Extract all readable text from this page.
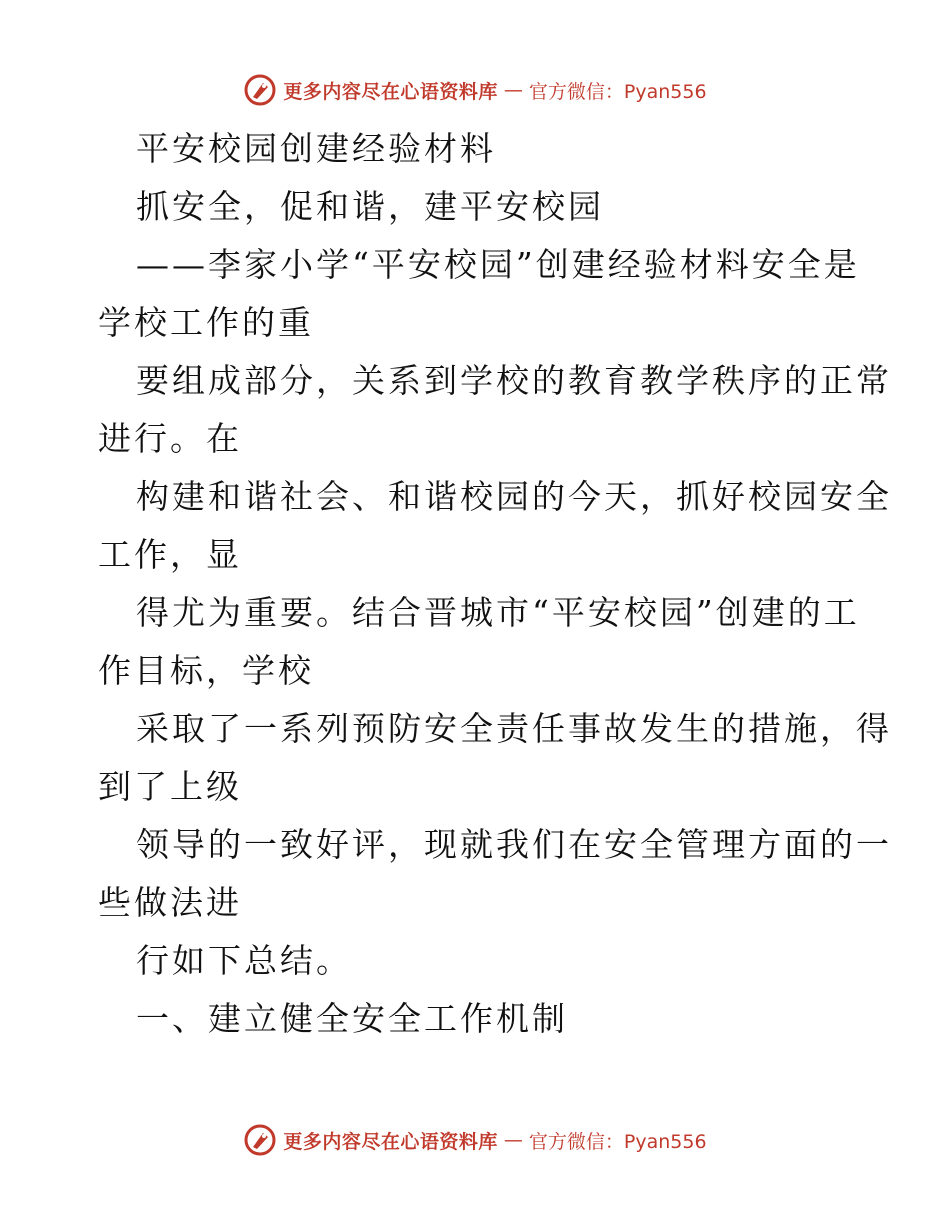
更多内容尽在心语资料库 — 官方微信：Pyan556
平安校园创建经验材料
抓安全，促和谐，建平安校园
——李家小学“平安校园”创建经验材料安全是
学校工作的重
要组成部分，关系到学校的教育教学秩序的正常
进行。在
构建和谐社会、和谐校园的今天，抓好校园安全
工作，显
得尤为重要。结合晋城市“平安校园”创建的工
作目标，学校
采取了一系列预防安全责任事故发生的措施，得
到了上级
领导的一致好评，现就我们在安全管理方面的一
些做法进
行如下总结。
一、建立健全安全工作机制
更多内容尽在心语资料库 — 官方微信：Pyan556
